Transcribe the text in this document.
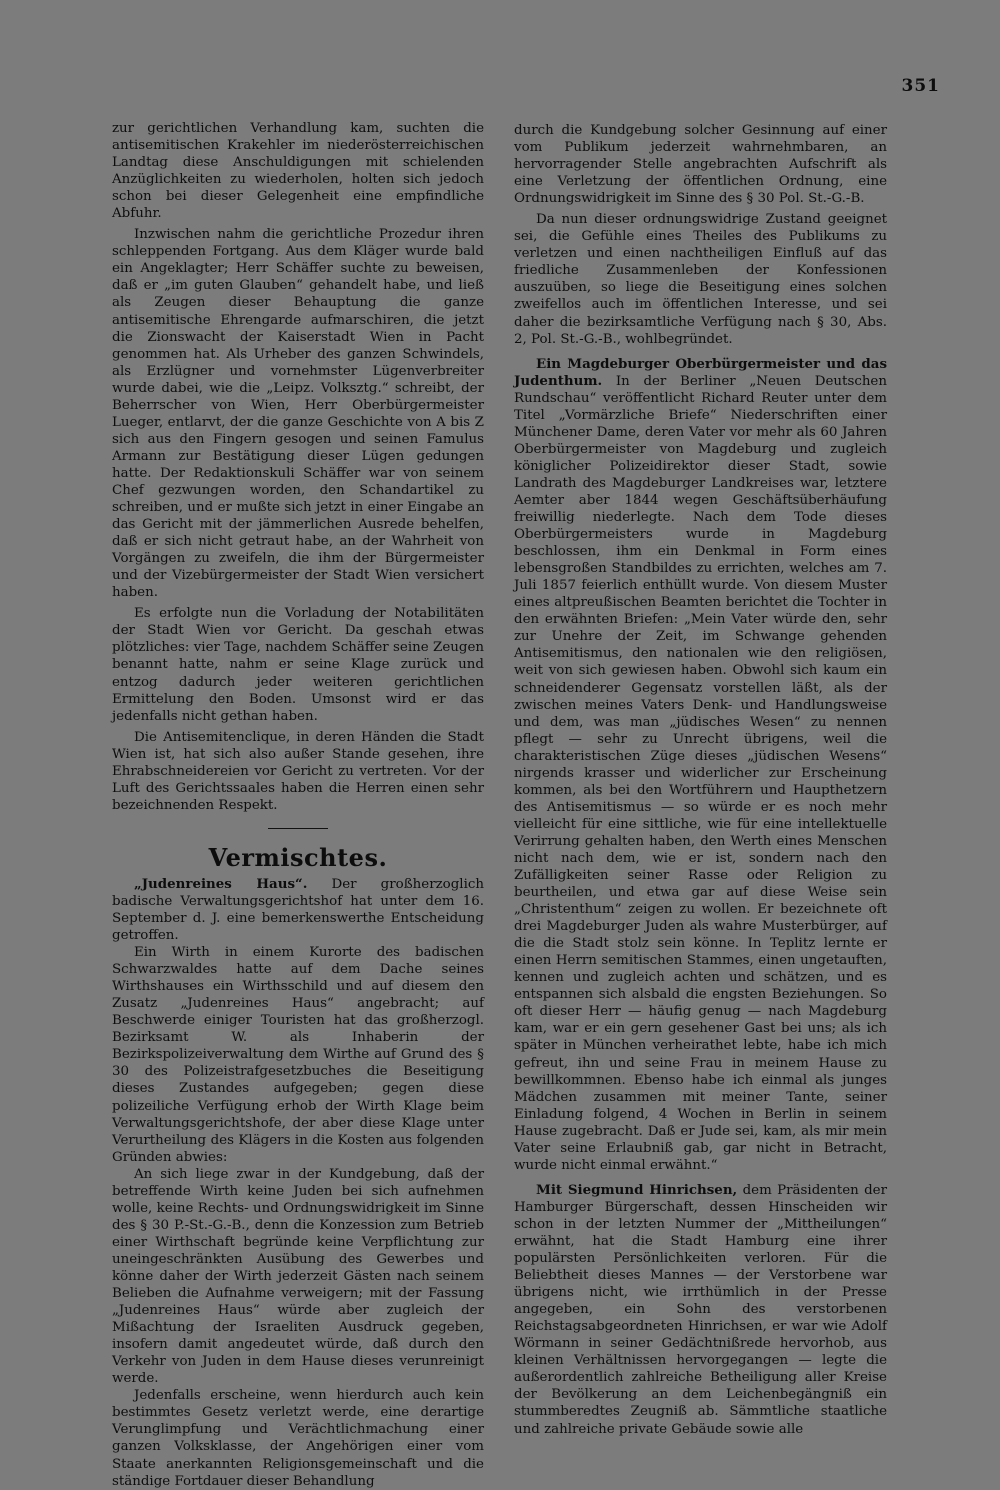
351

zur gerichtlichen Verhandlung kam, suchten die antisemitischen Krakehler im niederösterreichischen Landtag diese Anschuldigungen mit schielenden Anzüglichkeiten zu wiederholen, holten sich jedoch schon bei dieser Gelegenheit eine empfindliche Abfuhr.

Inzwischen nahm die gerichtliche Prozedur ihren schleppenden Fortgang. Aus dem Kläger wurde bald ein Angeklagter; Herr Schäffer suchte zu beweisen, daß er „im guten Glauben“ gehandelt habe, und ließ als Zeugen dieser Behauptung die ganze antisemitische Ehrengarde aufmarschiren, die jetzt die Zionswacht der Kaiserstadt Wien in Pacht genommen hat. Als Urheber des ganzen Schwindels, als Erzlügner und vornehmster Lügenverbreiter wurde dabei, wie die „Leipz. Volksztg.“ schreibt, der Beherrscher von Wien, Herr Oberbürgermeister Lueger, entlarvt, der die ganze Geschichte von A bis Z sich aus den Fingern gesogen und seinen Famulus Armann zur Bestätigung dieser Lügen gedungen hatte. Der Redaktionskuli Schäffer war von seinem Chef gezwungen worden, den Schandartikel zu schreiben, und er mußte sich jetzt in einer Eingabe an das Gericht mit der jämmerlichen Ausrede behelfen, daß er sich nicht getraut habe, an der Wahrheit von Vorgängen zu zweifeln, die ihm der Bürgermeister und der Vizebürgermeister der Stadt Wien versichert haben.

Es erfolgte nun die Vorladung der Notabilitäten der Stadt Wien vor Gericht. Da geschah etwas plötzliches: vier Tage, nachdem Schäffer seine Zeugen benannt hatte, nahm er seine Klage zurück und entzog dadurch jeder weiteren gerichtlichen Ermittelung den Boden. Umsonst wird er das jedenfalls nicht gethan haben.

Die Antisemitenclique, in deren Händen die Stadt Wien ist, hat sich also außer Stande gesehen, ihre Ehrabschneidereien vor Gericht zu vertreten. Vor der Luft des Gerichtssaales haben die Herren einen sehr bezeichnenden Respekt.

Vermischtes.

„Judenreines Haus“. Der großherzoglich badische Verwaltungsgerichtshof hat unter dem 16. September d. J. eine bemerkenswerthe Entscheidung getroffen.

Ein Wirth in einem Kurorte des badischen Schwarzwaldes hatte auf dem Dache seines Wirthshauses ein Wirthsschild und auf diesem den Zusatz „Judenreines Haus“ angebracht; auf Beschwerde einiger Touristen hat das großherzogl. Bezirksamt W. als Inhaberin der Bezirkspolizeiverwaltung dem Wirthe auf Grund des § 30 des Polizeistrafgesetzbuches die Beseitigung dieses Zustandes aufgegeben; gegen diese polizeiliche Verfügung erhob der Wirth Klage beim Verwaltungsgerichtshofe, der aber diese Klage unter Verurtheilung des Klägers in die Kosten aus folgenden Gründen abwies:

An sich liege zwar in der Kundgebung, daß der betreffende Wirth keine Juden bei sich aufnehmen wolle, keine Rechts- und Ordnungswidrigkeit im Sinne des § 30 P.-St.-G.-B., denn die Konzession zum Betrieb einer Wirthschaft begründe keine Verpflichtung zur uneingeschränkten Ausübung des Gewerbes und könne daher der Wirth jederzeit Gästen nach seinem Belieben die Aufnahme verweigern; mit der Fassung „Judenreines Haus“ würde aber zugleich der Mißachtung der Israeliten Ausdruck gegeben, insofern damit angedeutet würde, daß durch den Verkehr von Juden in dem Hause dieses verunreinigt werde.

Jedenfalls erscheine, wenn hierdurch auch kein bestimmtes Gesetz verletzt werde, eine derartige Verunglimpfung und Verächtlichmachung einer ganzen Volksklasse, der Angehörigen einer vom Staate anerkannten Religionsgemeinschaft und die ständige Fortdauer dieser Behandlung

durch die Kundgebung solcher Gesinnung auf einer vom Publikum jederzeit wahrnehmbaren, an hervorragender Stelle angebrachten Aufschrift als eine Verletzung der öffentlichen Ordnung, eine Ordnungswidrigkeit im Sinne des § 30 Pol. St.-G.-B.

Da nun dieser ordnungswidrige Zustand geeignet sei, die Gefühle eines Theiles des Publikums zu verletzen und einen nachtheiligen Einfluß auf das friedliche Zusammenleben der Konfessionen auszuüben, so liege die Beseitigung eines solchen zweifellos auch im öffentlichen Interesse, und sei daher die bezirksamtliche Verfügung nach § 30, Abs. 2, Pol. St.-G.-B., wohlbegründet.

Ein Magdeburger Oberbürgermeister und das Judenthum. In der Berliner „Neuen Deutschen Rundschau“ veröffentlicht Richard Reuter unter dem Titel „Vormärzliche Briefe“ Niederschriften einer Münchener Dame, deren Vater vor mehr als 60 Jahren Oberbürgermeister von Magdeburg und zugleich königlicher Polizeidirektor dieser Stadt, sowie Landrath des Magdeburger Landkreises war, letztere Aemter aber 1844 wegen Geschäftsüberhäufung freiwillig niederlegte. Nach dem Tode dieses Oberbürgermeisters wurde in Magdeburg beschlossen, ihm ein Denkmal in Form eines lebensgroßen Standbildes zu errichten, welches am 7. Juli 1857 feierlich enthüllt wurde. Von diesem Muster eines altpreußischen Beamten berichtet die Tochter in den erwähnten Briefen: „Mein Vater würde den, sehr zur Unehre der Zeit, im Schwange gehenden Antisemitismus, den nationalen wie den religiösen, weit von sich gewiesen haben. Obwohl sich kaum ein schneidenderer Gegensatz vorstellen läßt, als der zwischen meines Vaters Denk- und Handlungsweise und dem, was man „jüdisches Wesen“ zu nennen pflegt — sehr zu Unrecht übrigens, weil die charakteristischen Züge dieses „jüdischen Wesens“ nirgends krasser und widerlicher zur Erscheinung kommen, als bei den Wortführern und Haupthetzern des Antisemitismus — so würde er es noch mehr vielleicht für eine sittliche, wie für eine intellektuelle Verirrung gehalten haben, den Werth eines Menschen nicht nach dem, wie er ist, sondern nach den Zufälligkeiten seiner Rasse oder Religion zu beurtheilen, und etwa gar auf diese Weise sein „Christenthum“ zeigen zu wollen. Er bezeichnete oft drei Magdeburger Juden als wahre Musterbürger, auf die die Stadt stolz sein könne. In Teplitz lernte er einen Herrn semitischen Stammes, einen ungetauften, kennen und zugleich achten und schätzen, und es entspannen sich alsbald die engsten Beziehungen. So oft dieser Herr — häufig genug — nach Magdeburg kam, war er ein gern gesehener Gast bei uns; als ich später in München verheirathet lebte, habe ich mich gefreut, ihn und seine Frau in meinem Hause zu bewillkommnen. Ebenso habe ich einmal als junges Mädchen zusammen mit meiner Tante, seiner Einladung folgend, 4 Wochen in Berlin in seinem Hause zugebracht. Daß er Jude sei, kam, als mir mein Vater seine Erlaubniß gab, gar nicht in Betracht, wurde nicht einmal erwähnt.“

Mit Siegmund Hinrichsen, dem Präsidenten der Hamburger Bürgerschaft, dessen Hinscheiden wir schon in der letzten Nummer der „Mittheilungen“ erwähnt, hat die Stadt Hamburg eine ihrer populärsten Persönlichkeiten verloren. Für die Beliebtheit dieses Mannes — der Verstorbene war übrigens nicht, wie irrthümlich in der Presse angegeben, ein Sohn des verstorbenen Reichstagsabgeordneten Hinrichsen, er war wie Adolf Wörmann in seiner Gedächtnißrede hervorhob, aus kleinen Verhältnissen hervorgegangen — legte die außerordentlich zahlreiche Betheiligung aller Kreise der Bevölkerung an dem Leichenbegängniß ein stummberedtes Zeugniß ab. Sämmtliche staatliche und zahlreiche private Gebäude sowie alle
